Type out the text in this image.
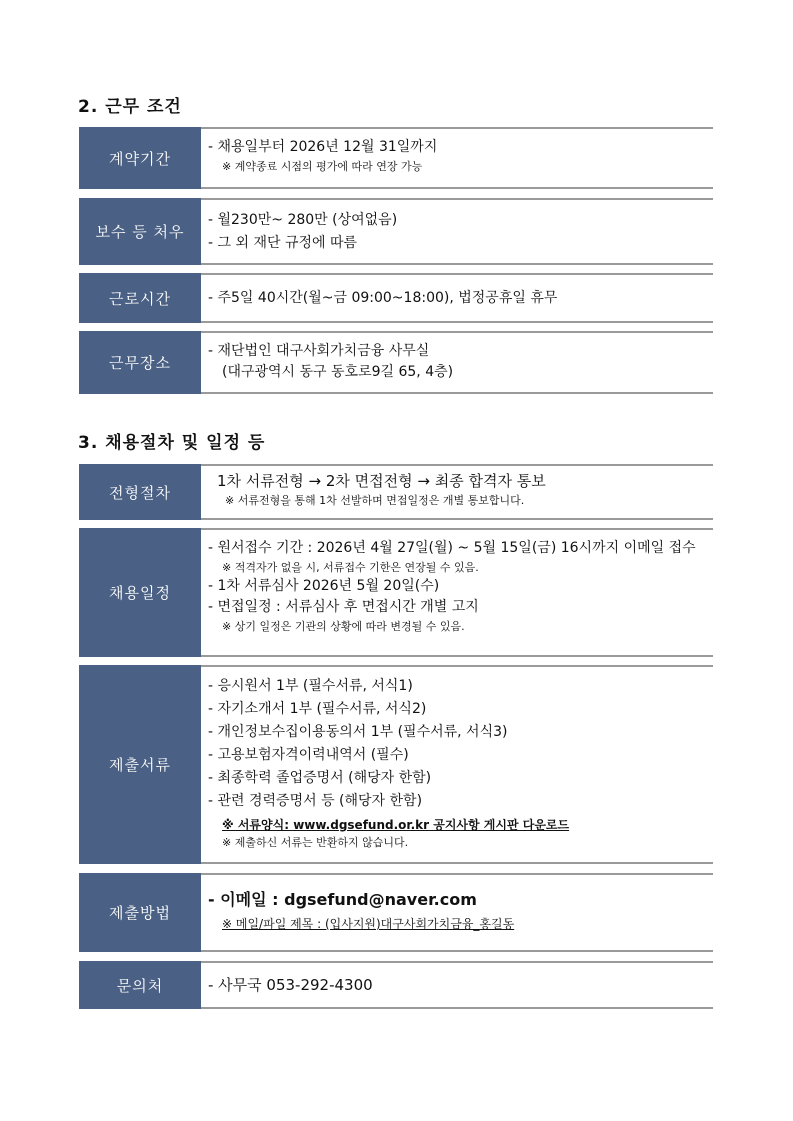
2. 근무 조건
계약기간
- 채용일부터 2026년 12월 31일까지
※ 계약종료 시점의 평가에 따라 연장 가능
보수 등 처우
- 월230만~ 280만 (상여없음)
- 그 외 재단 규정에 따름
근로시간	- 주5일 40시간(월~금 09:00~18:00), 법정공휴일 휴무
근무장소
- 재단법인 대구사회가치금융 사무실
(대구광역시 동구 동호로9길 65, 4층)
3. 채용절차 및 일정 등
전형절차
1차 서류전형 → 2차 면접전형 → 최종 합격자 통보
※ 서류전형을 통해 1차 선발하며 면접일정은 개별 통보합니다.
채용일정
- 원서접수 기간 : 2026년 4월 27일(월) ~ 5월 15일(금) 16시까지 이메일 접수
※ 적격자가 없을 시, 서류접수 기한은 연장될 수 있음.
- 1차 서류심사 2026년 5월 20일(수)
- 면접일정 : 서류심사 후 면접시간 개별 고지
※ 상기 일정은 기관의 상황에 따라 변경될 수 있음.
제출서류
- 응시원서 1부 (필수서류, 서식1)
- 자기소개서 1부 (필수서류, 서식2)
- 개인정보수집이용동의서 1부 (필수서류, 서식3)
- 고용보험자격이력내역서 (필수)
- 최종학력 졸업증명서 (해당자 한함)
- 관련 경력증명서 등 (해당자 한함)
※ 서류양식: www.dgsefund.or.kr 공지사항 게시판 다운로드
※ 제출하신 서류는 반환하지 않습니다.
제출방법
- 이메일 : dgsefund@naver.com
※ 메일/파일 제목 : (입사지원)대구사회가치금융_홍길동
문의처	- 사무국 053-292-4300
